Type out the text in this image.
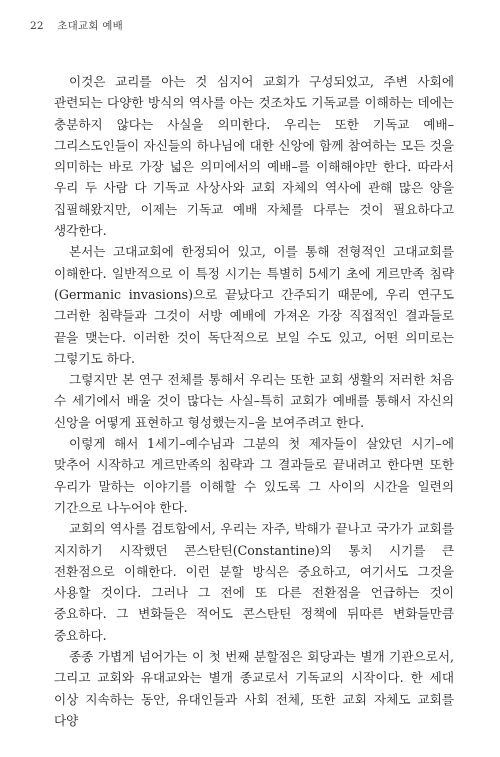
22 초대교회 예배

이것은 교리를 아는 것 심지어 교회가 구성되었고, 주변 사회에 관련되는 다양한 방식의 역사를 아는 것조차도 기독교를 이해하는 데에는 충분하지 않다는 사실을 의미한다. 우리는 또한 기독교 예배–그리스도인들이 자신들의 하나님에 대한 신앙에 함께 참여하는 모든 것을 의미하는 바로 가장 넓은 의미에서의 예배–를 이해해야만 한다. 따라서 우리 두 사람 다 기독교 사상사와 교회 자체의 역사에 관해 많은 양을 집필해왔지만, 이제는 기독교 예배 자체를 다루는 것이 필요하다고 생각한다.

본서는 고대교회에 한정되어 있고, 이를 통해 전형적인 고대교회를 이해한다. 일반적으로 이 특정 시기는 특별히 5세기 초에 게르만족 침략(Germanic invasions)으로 끝났다고 간주되기 때문에, 우리 연구도 그러한 침략들과 그것이 서방 예배에 가져온 가장 직접적인 결과들로 끝을 맺는다. 이러한 것이 독단적으로 보일 수도 있고, 어떤 의미로는 그렇기도 하다.

그렇지만 본 연구 전체를 통해서 우리는 또한 교회 생활의 저러한 처음 수 세기에서 배울 것이 많다는 사실–특히 교회가 예배를 통해서 자신의 신앙을 어떻게 표현하고 형성했는지–을 보여주려고 한다.

이렇게 해서 1세기–예수님과 그분의 첫 제자들이 살았던 시기–에 맞추어 시작하고 게르만족의 침략과 그 결과들로 끝내려고 한다면 또한 우리가 말하는 이야기를 이해할 수 있도록 그 사이의 시간을 일련의 기간으로 나누어야 한다.

교회의 역사를 검토함에서, 우리는 자주, 박해가 끝나고 국가가 교회를 지지하기 시작했던 콘스탄틴(Constantine)의 통치 시기를 큰 전환점으로 이해한다. 이런 분할 방식은 중요하고, 여기서도 그것을 사용할 것이다. 그러나 그 전에 또 다른 전환점을 언급하는 것이 중요하다. 그 변화들은 적어도 콘스탄틴 정책에 뒤따른 변화들만큼 중요하다.

종종 가볍게 넘어가는 이 첫 번째 분할점은 회당과는 별개 기관으로서, 그리고 교회와 유대교와는 별개 종교로서 기독교의 시작이다. 한 세대 이상 지속하는 동안, 유대인들과 사회 전체, 또한 교회 자체도 교회를 다양
